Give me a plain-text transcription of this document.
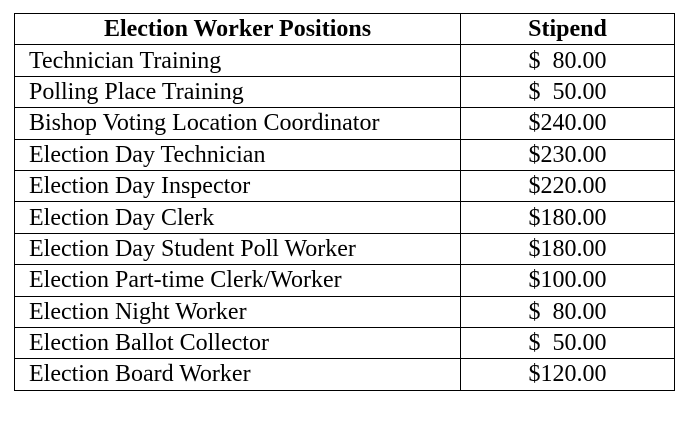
Election Worker Positions	Stipend
Technician Training	$  80.00
Polling Place Training	$  50.00
Bishop Voting Location Coordinator	$240.00
Election Day Technician	$230.00
Election Day Inspector	$220.00
Election Day Clerk	$180.00
Election Day Student Poll Worker	$180.00
Election Part-time Clerk/Worker	$100.00
Election Night Worker	$  80.00
Election Ballot Collector	$  50.00
Election Board Worker	$120.00
